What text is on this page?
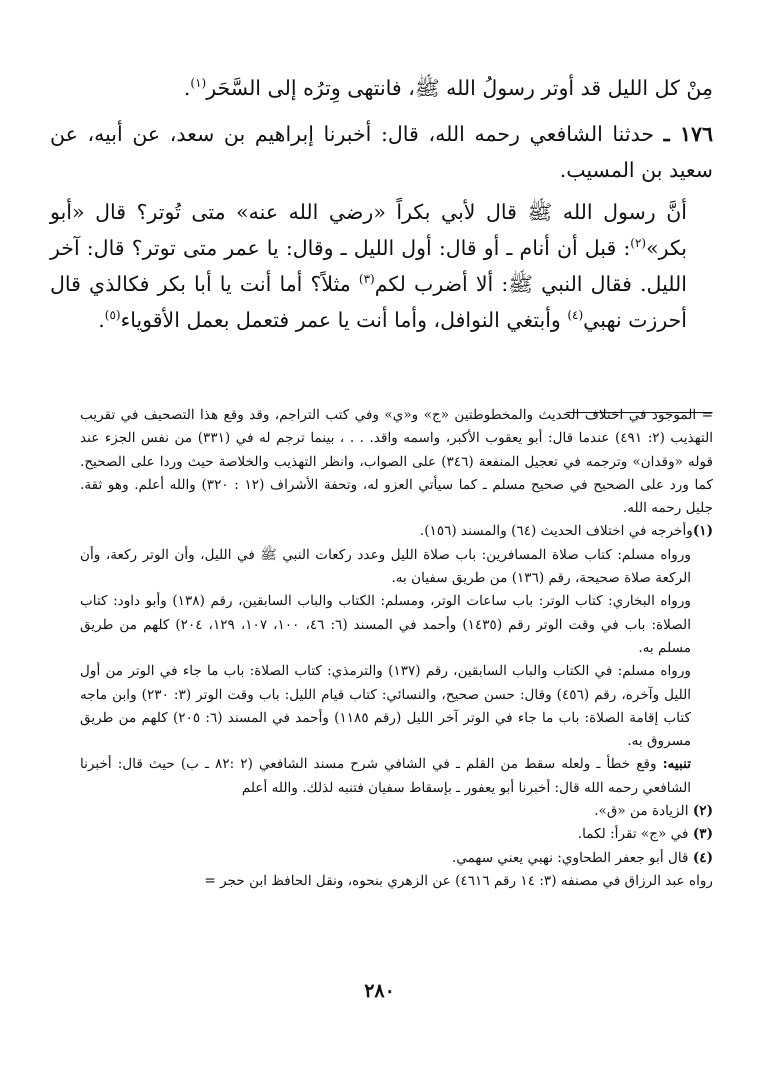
مِنْ كل الليل قد أوتر رسولُ الله ﷺ، فانتهى وِترُه إلى السَّحَر$^{(١)}$.

١٧٦ ـ حدثنا الشافعي رحمه الله، قال: أخبرنا إبراهيم بن سعد، عن أبيه، عن سعيد بن المسيب.

أنَّ رسول الله ﷺ قال لأبي بكراً «رضي الله عنه» متى تُوتر؟ قال «أبو بكر»$^{(٢)}$: قبل أن أنام ـ أو قال: أول الليل ـ وقال: يا عمر متى توتر؟ قال: آخر الليل. فقال النبي ﷺ: ألا أضرب لكم$^{(٣)}$ مثلاً؟ أما أنت يا أبا بكر فكالذي قال أحرزت نهبي$^{(٤)}$ وأبتغي النوافل، وأما أنت يا عمر فتعمل بعمل الأقوياء$^{(٥)}$.

= الموجود في اختلاف الحديث والمخطوطتين «ج» و«ي» وفي كتب التراجم، وقد وقع هذا التصحيف في تقريب التهذيب (٢: ٤٩١) عندما قال: أبو يعقوب الأكبر، واسمه واقد. . . ، بينما ترجم له في (٣٣١) من نفس الجزء عند قوله «وقدان» وترجمه في تعجيل المنفعة (٣٤٦) على الصواب، وانظر التهذيب والخلاصة حيث وردا على الصحيح. كما ورد على الصحيح في صحيح مسلم ـ كما سيأتي العزو له، وتحفة الأشراف (١٢ : ٣٢٠) والله أعلم. وهو ثقة. جليل رحمه الله.

(١)وأخرجه في اختلاف الحديث (٦٤) والمسند (١٥٦).

ورواه مسلم: كتاب صلاة المسافرين: باب صلاة الليل وعدد ركعات النبي ﷺ في الليل، وأن الوتر ركعة، وأن الركعة صلاة صحيحة، رقم (١٣٦) من طريق سفيان به.

ورواه البخاري: كتاب الوتر: باب ساعات الوتر، ومسلم: الكتاب والباب السابقين، رقم (١٣٨) وأبو داود: كتاب الصلاة: باب في وقت الوتر رقم (١٤٣٥) وأحمد في المسند (٦: ٤٦، ١٠٠، ١٠٧، ١٢٩، ٢٠٤) كلهم من طريق مسلم به.

ورواه مسلم: في الكتاب والباب السابقين، رقم (١٣٧) والترمذي: كتاب الصلاة: باب ما جاء في الوتر من أول الليل وآخره، رقم (٤٥٦) وقال: حسن صحيح، والنسائي: كتاب قيام الليل: باب وقت الوتر (٣: ٢٣٠) وابن ماجه كتاب إقامة الصلاة: باب ما جاء في الوتر آخر الليل (رقم ١١٨٥) وأحمد في المسند (٦: ٢٠٥) كلهم من طريق مسروق به.

تنبيه: وقع خطأ ـ ولعله سقط من القلم ـ في الشافي شرح مسند الشافعي (٢ :٨٢ ـ ب) حيث قال: أخبرنا الشافعي رحمه الله قال: أخبرنا أبو يعفور ـ بإسقاط سفيان فتنبه لذلك. والله أعلم

(٢) الزيادة من «ق».

(٣) في «ج» تقرأ: لكما.

(٤) قال أبو جعفر الطحاوي: نهبي يعني سهمي.

رواه عبد الرزاق في مصنفه (٣: ١٤ رقم ٤٦١٦) عن الزهري بنحوه، ونقل الحافظ ابن حجر =

٢٨٠
